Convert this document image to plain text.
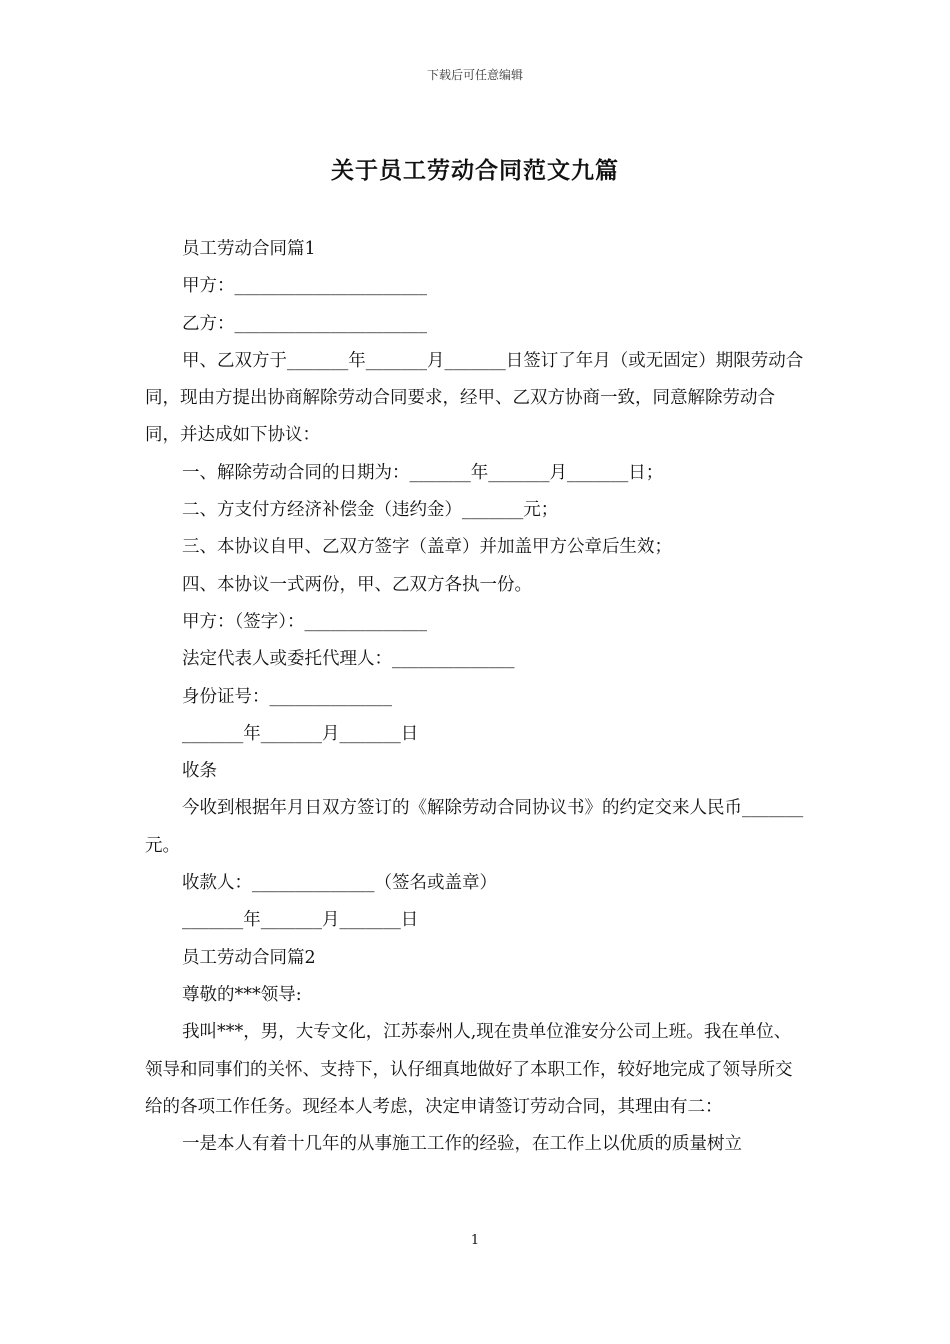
下载后可任意编辑
关于员工劳动合同范文九篇

员工劳动合同篇1

甲方：______________________

乙方：______________________

甲、乙双方于_______年_______月_______日签订了年月（或无固定）期限劳动合同，现由方提出协商解除劳动合同要求，经甲、乙双方协商一致，同意解除劳动合同，并达成如下协议：

一、解除劳动合同的日期为：_______年_______月_______日；

二、方支付方经济补偿金（违约金）_______元；

三、本协议自甲、乙双方签字（盖章）并加盖甲方公章后生效；

四、本协议一式两份，甲、乙双方各执一份。

甲方：（签字）：______________

法定代表人或委托代理人：______________

身份证号：______________

_______年_______月_______日

收条

今收到根据年月日双方签订的《解除劳动合同协议书》的约定交来人民币_______元。

收款人：______________（签名或盖章）

_______年_______月_______日

员工劳动合同篇2

尊敬的***领导:

我叫***，男，大专文化，江苏泰州人,现在贵单位淮安分公司上班。我在单位、领导和同事们的关怀、支持下，认仔细真地做好了本职工作，较好地完成了领导所交给的各项工作任务。现经本人考虑，决定申请签订劳动合同，其理由有二：

一是本人有着十几年的从事施工工作的经验，在工作上以优质的质量树立

1
